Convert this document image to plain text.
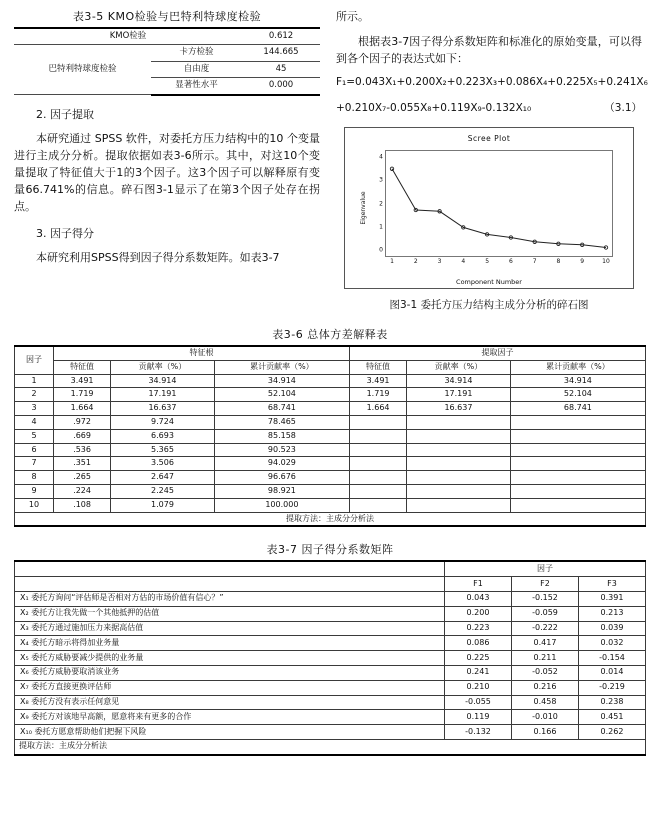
表3-5 KMO检验与巴特利特球度检验
KMO检验		0.612
巴特利特球度检验	卡方检验	144.665
	自由度	45
	显著性水平	0.000
2. 因子提取

本研究通过 SPSS 软件，对委托方压力结构中的10 个变量进行主成分分析。提取依据如表3-6所示。其中，对这10个变量提取了特征值大于1的3个因子。这3个因子可以解释原有变量66.741%的信息。碎石图3-1显示了在第3个因子处存在拐点。

3. 因子得分

本研究利用SPSS得到因子得分系数矩阵。如表3-7

所示。

根据表3-7因子得分系数矩阵和标准化的原始变量，可以得到各个因子的表达式如下：

F₁=0.043X₁+0.200X₂+0.223X₃+0.086X₄+0.225X₅+0.241X₆
+0.210X₇-0.055X₈+0.119X₉-0.132X₁₀	（3.1）
Scree Plot
Eigenvalue
Component Number
4
3
2
1
0
1	2	3	4	5	6	7	8	9	10
图3-1 委托方压力结构主成分分析的碎石图
表3-6 总体方差解释表
因子	特征根			提取因子		
	特征值	贡献率（%）	累计贡献率（%）	特征值	贡献率（%）	累计贡献率（%）
1	3.491	34.914	34.914	3.491	34.914	34.914
2	1.719	17.191	52.104	1.719	17.191	52.104
3	1.664	16.637	68.741	1.664	16.637	68.741
4	.972	9.724	78.465			
5	.669	6.693	85.158			
6	.536	5.365	90.523			
7	.351	3.506	94.029			
8	.265	2.647	96.676			
9	.224	2.245	98.921			
10	.108	1.079	100.000			
提取方法：主成分分析法						
表3-7 因子得分系数矩阵
	因子		
	F1	F2	F3
X₁ 委托方询问“评估师是否相对方估的市场价值有信心？”	0.043	-0.152	0.391
X₂ 委托方让我先做一个其他抵押的估值	0.200	-0.059	0.213
X₃ 委托方通过施加压力来据高估值	0.223	-0.222	0.039
X₄ 委托方暗示将得加业务量	0.086	0.417	0.032
X₅ 委托方威胁要减少提供的业务量	0.225	0.211	-0.154
X₆ 委托方威胁要取消该业务	0.241	-0.052	0.014
X₇ 委托方直接更换评估师	0.210	0.216	-0.219
X₈ 委托方没有表示任何意见	-0.055	0.458	0.238
X₉ 委托方对该地早高额，愿意将来有更多的合作	0.119	-0.010	0.451
X₁₀ 委托方愿意帮助他们把握下风险	-0.132	0.166	0.262
提取方法：主成分分析法			
